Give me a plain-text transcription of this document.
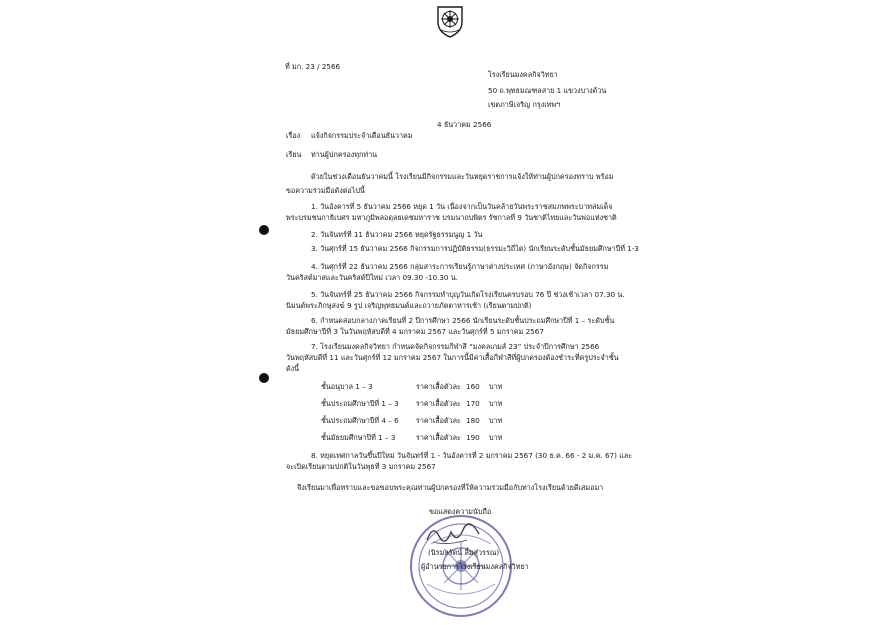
ที่ มก. 23 / 2566
โรงเรียนมงคลกิจวิทยา
50 ถ.พุทธมณฑลสาย 1 แขวงบางด้วน
เขตภาษีเจริญ กรุงเทพฯ
4 ธันวาคม 2566
เรื่อง แจ้งกิจกรรมประจำเดือนธันวาคม
เรียน ท่านผู้ปกครองทุกท่าน
ด้วยในช่วงเดือนธันวาคมนี้ โรงเรียนมีกิจกรรมและวันหยุดราชการแจ้งให้ท่านผู้ปกครองทราบ พร้อม
ขอความร่วมมือดังต่อไปนี้
1. วันอังคารที่ 5 ธันวาคม 2566 หยุด 1 วัน เนื่องจากเป็นวันคล้ายวันพระราชสมภพพระบาทสมเด็จ
พระบรมชนกาธิเบศร มหาภูมิพลอดุลยเดชมหาราช บรมนาถบพิตร รัชกาลที่ 9 วันชาติไทยและวันพ่อแห่งชาติ
2. วันจันทร์ที่ 11 ธันวาคม 2566 หยุดรัฐธรรมนูญ 1 วัน
3. วันศุกร์ที่ 15 ธันวาคม 2566 กิจกรรมการปฏิบัติธรรม(ธรรมะวิถีไต) นักเรียนระดับชั้นมัธยมศึกษาปีที่ 1-3
4. วันศุกร์ที่ 22 ธันวาคม 2566 กลุ่มสาระการเรียนรู้ภาษาต่างประเทศ (ภาษาอังกฤษ) จัดกิจกรรม
วันคริสต์มาสและวันคริสต์ปีใหม่ เวลา 09.30 -10.30 น.
5. วันจันทร์ที่ 25 ธันวาคม 2566 กิจกรรมทำบุญวันเกิดโรงเรียนครบรอบ 76 ปี ช่วงเช้าเวลา 07.30 น.
นิมนต์พระภิกษุสงฆ์ 9 รูป เจริญพุทธมนต์และถวายภัตตาหารเช้า (เรียนตามปกติ)
6. กำหนดสอบกลางภาคเรียนที่ 2 ปีการศึกษา 2566 นักเรียนระดับชั้นประถมศึกษาปีที่ 1 – ระดับชั้น
มัธยมศึกษาปีที่ 3 ในวันพฤหัสบดีที่ 4 มกราคม 2567 และวันศุกร์ที่ 5 มกราคม 2567
7. โรงเรียนมงคลกิจวิทยา กำหนดจัดกิจกรรมกีฬาสี “มงคลเกมส์ 23” ประจำปีการศึกษา 2566
วันพฤหัสบดีที่ 11 และวันศุกร์ที่ 12 มกราคม 2567 ในการนี้มีค่าเสื้อกีฬาสีที่ผู้ปกครองต้องชำระที่ครูประจำชั้น
ดังนี้
ชั้นอนุบาล 1 – 3	ราคาเสื้อตัวละ 160 บาท
ชั้นประถมศึกษาปีที่ 1 – 3 ราคาเสื้อตัวละ 170 บาท
ชั้นประถมศึกษาปีที่ 4 – 6 ราคาเสื้อตัวละ 180 บาท
ชั้นมัธยมศึกษาปีที่ 1 – 3	ราคาเสื้อตัวละ 190 บาท
8. หยุดเทศกาลวันขึ้นปีใหม่ วันจันทร์ที่ 1 - วันอังคารที่ 2 มกราคม 2567 (30 ธ.ค. 66 - 2 ม.ค. 67) และ
จะเปิดเรียนตามปกติในวันพุธที่ 3 มกราคม 2567
จึงเรียนมาเพื่อทราบและขอขอบพระคุณท่านผู้ปกครองที่ให้ความร่วมมือกับทางโรงเรียนด้วยดีเสมอมา
ขอแสดงความนับถือ
(นิรมลรัตน์ ลิ้มสุวรรณ)
ผู้อำนวยการโรงเรียนมงคลกิจวิทยา
